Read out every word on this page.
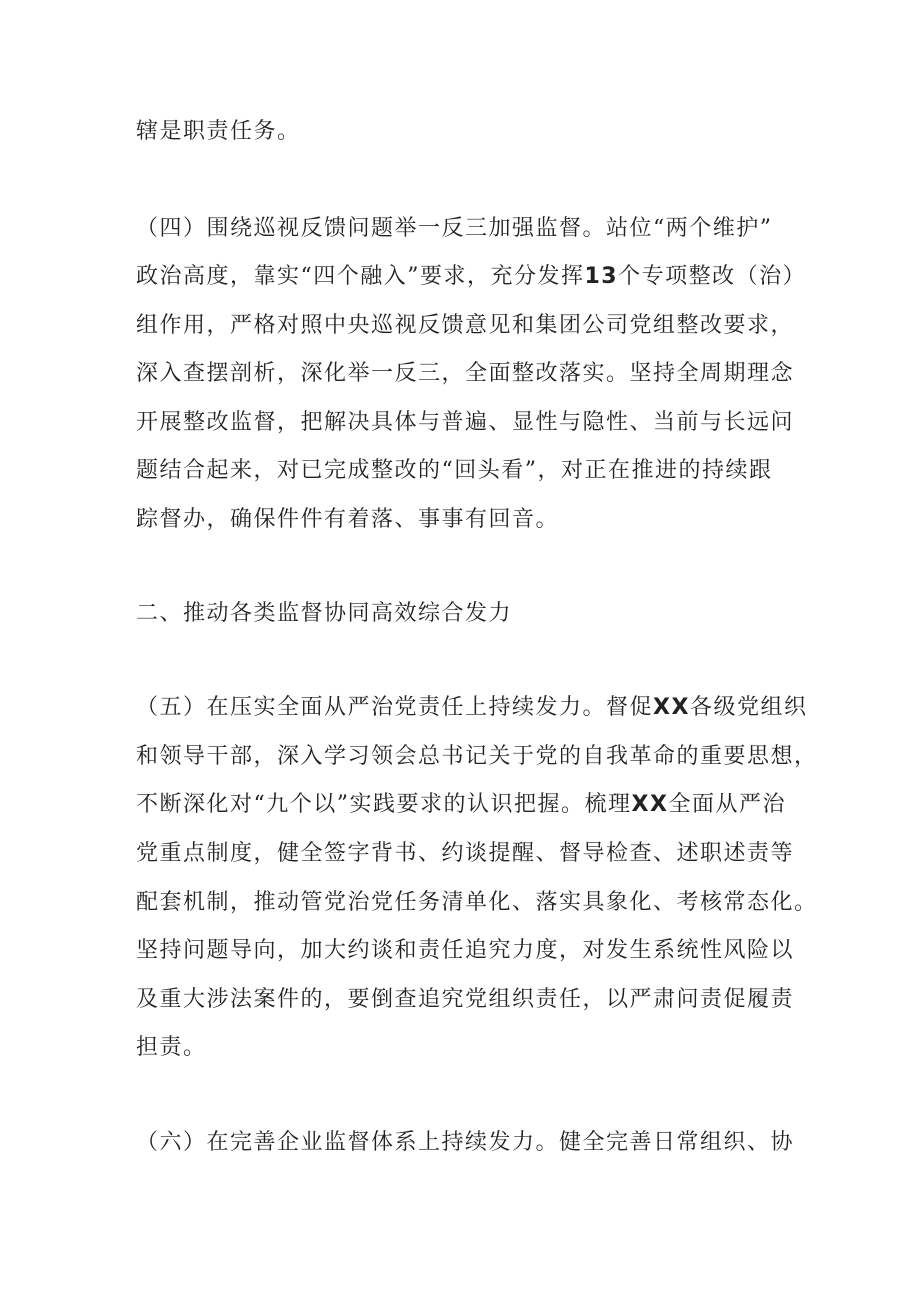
辖是职责任务。
（四）围绕巡视反馈问题举一反三加强监督。站位“两个维护”
政治高度，靠实“四个融入”要求，充分发挥13个专项整改（治）
组作用，严格对照中央巡视反馈意见和集团公司党组整改要求，
深入查摆剖析，深化举一反三，全面整改落实。坚持全周期理念
开展整改监督，把解决具体与普遍、显性与隐性、当前与长远问
题结合起来，对已完成整改的“回头看”，对正在推进的持续跟
踪督办，确保件件有着落、事事有回音。
二、推动各类监督协同高效综合发力
（五）在压实全面从严治党责任上持续发力。督促XX各级党组织
和领导干部，深入学习领会总书记关于党的自我革命的重要思想，
不断深化对“九个以”实践要求的认识把握。梳理XX全面从严治
党重点制度，健全签字背书、约谈提醒、督导检查、述职述责等
配套机制，推动管党治党任务清单化、落实具象化、考核常态化。
坚持问题导向，加大约谈和责任追究力度，对发生系统性风险以
及重大涉法案件的，要倒查追究党组织责任，以严肃问责促履责
担责。
（六）在完善企业监督体系上持续发力。健全完善日常组织、协
